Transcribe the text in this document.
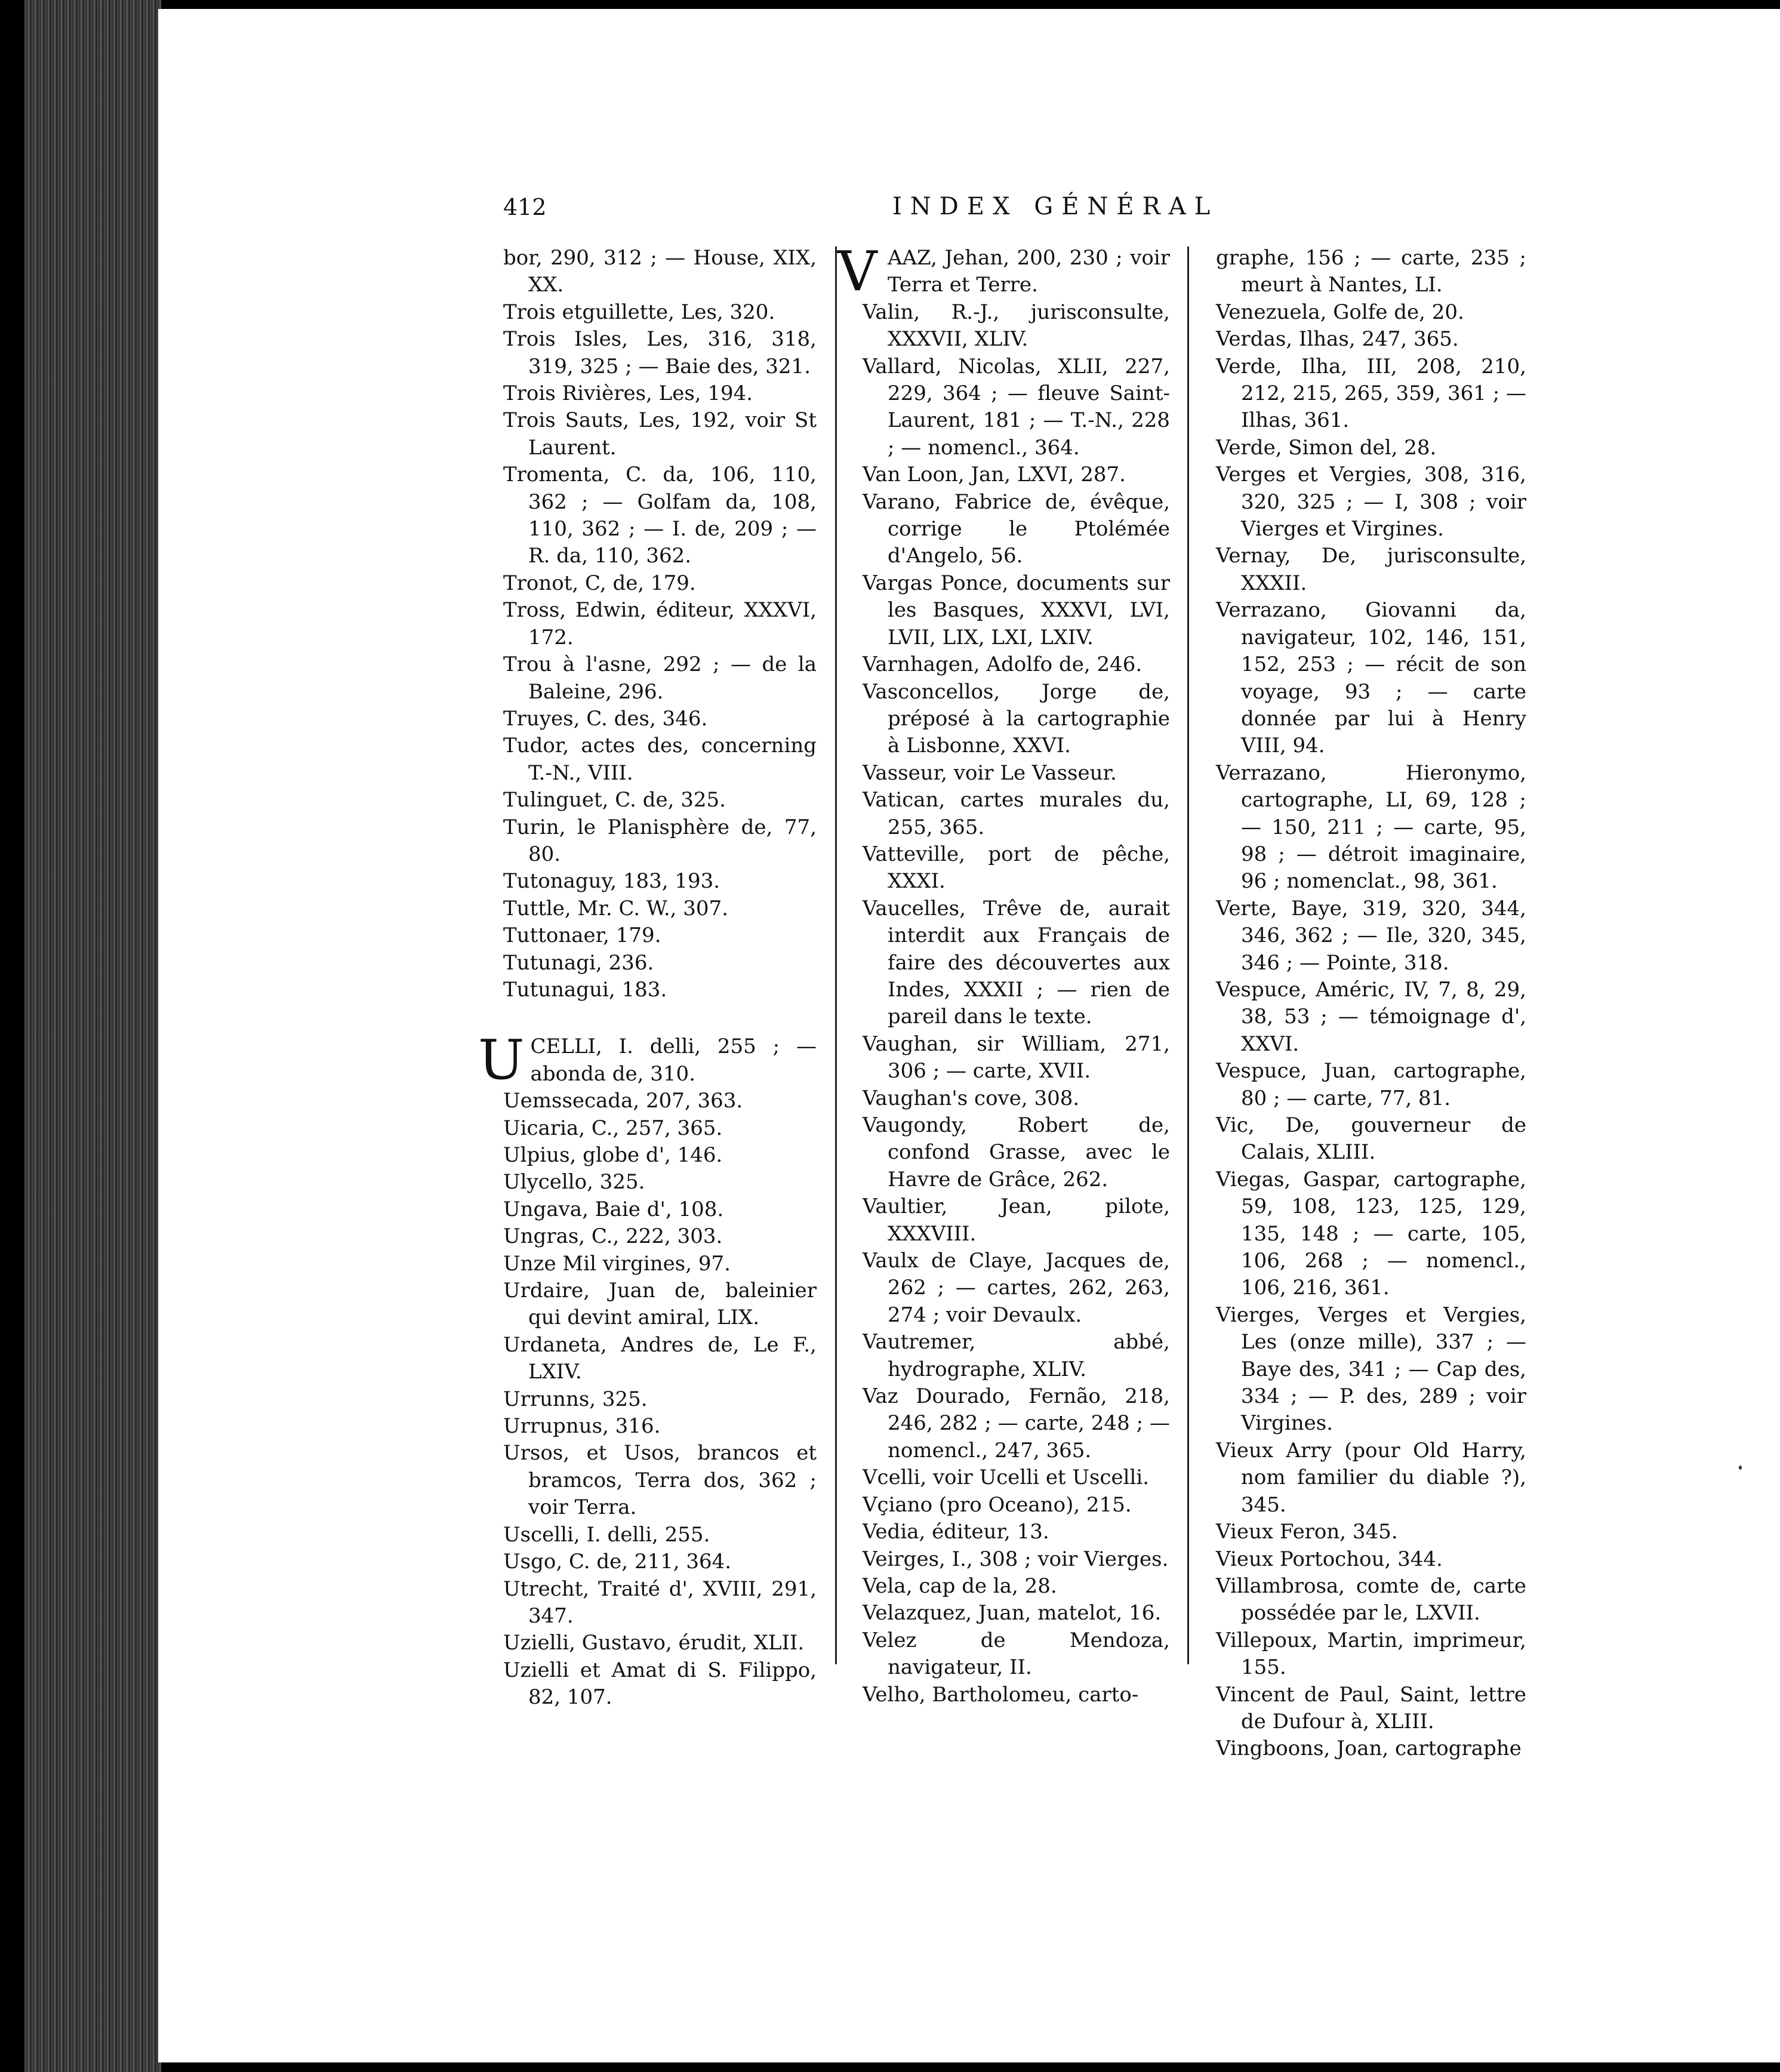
412	INDEX GÉNÉRAL
bor, 290, 312 ; — House, XIX, XX.
Trois etguillette, Les, 320.
Trois Isles, Les, 316, 318, 319, 325 ; — Baie des, 321.
Trois Rivières, Les, 194.
Trois Sauts, Les, 192, voir St Laurent.
Tromenta, C. da, 106, 110, 362 ; — Golfam da, 108, 110, 362 ; — I. de, 209 ; — R. da, 110, 362.
Tronot, C, de, 179.
Tross, Edwin, éditeur, XXXVI, 172.
Trou à l'asne, 292 ; — de la Baleine, 296.
Truyes, C. des, 346.
Tudor, actes des, concerning T.-N., VIII.
Tulinguet, C. de, 325.
Turin, le Planisphère de, 77, 80.
Tutonaguy, 183, 193.
Tuttle, Mr. C. W., 307.
Tuttonaer, 179.
Tutunagi, 236.
Tutunagui, 183.
U CELLI, I. delli, 255 ; — abonda de, 310.
Uemssecada, 207, 363.
Uicaria, C., 257, 365.
Ulpius, globe d', 146.
Ulycello, 325.
Ungava, Baie d', 108.
Ungras, C., 222, 303.
Unze Mil virgines, 97.
Urdaire, Juan de, baleinier qui devint amiral, LIX.
Urdaneta, Andres de, Le F., LXIV.
Urrunns, 325.
Urrupnus, 316.
Ursos, et Usos, brancos et bramcos, Terra dos, 362 ; voir Terra.
Uscelli, I. delli, 255.
Usgo, C. de, 211, 364.
Utrecht, Traité d', XVIII, 291, 347.
Uzielli, Gustavo, érudit, XLII.
Uzielli et Amat di S. Filippo, 82, 107.
V AAZ, Jehan, 200, 230 ; voir Terra et Terre.
Valin, R.-J., jurisconsulte, XXXVII, XLIV.
Vallard, Nicolas, XLII, 227, 229, 364 ; — fleuve Saint-Laurent, 181 ; — T.-N., 228 ; — nomencl., 364.
Van Loon, Jan, LXVI, 287.
Varano, Fabrice de, évêque, corrige le Ptolémée d'Angelo, 56.
Vargas Ponce, documents sur les Basques, XXXVI, LVI, LVII, LIX, LXI, LXIV.
Varnhagen, Adolfo de, 246.
Vasconcellos, Jorge de, préposé à la cartographie à Lisbonne, XXVI.
Vasseur, voir Le Vasseur.
Vatican, cartes murales du, 255, 365.
Vatteville, port de pêche, XXXI.
Vaucelles, Trêve de, aurait interdit aux Français de faire des découvertes aux Indes, XXXII ; — rien de pareil dans le texte.
Vaughan, sir William, 271, 306 ; — carte, XVII.
Vaughan's cove, 308.
Vaugondy, Robert de, confond Grasse, avec le Havre de Grâce, 262.
Vaultier, Jean, pilote, XXXVIII.
Vaulx de Claye, Jacques de, 262 ; — cartes, 262, 263, 274 ; voir Devaulx.
Vautremer, abbé, hydrographe, XLIV.
Vaz Dourado, Fernão, 218, 246, 282 ; — carte, 248 ; — nomencl., 247, 365.
Vcelli, voir Ucelli et Uscelli.
Vçiano (pro Oceano), 215.
Vedia, éditeur, 13.
Veirges, I., 308 ; voir Vierges.
Vela, cap de la, 28.
Velazquez, Juan, matelot, 16.
Velez de Mendoza, navigateur, II.
Velho, Bartholomeu, carto-
graphe, 156 ; — carte, 235 ; meurt à Nantes, LI.
Venezuela, Golfe de, 20.
Verdas, Ilhas, 247, 365.
Verde, Ilha, III, 208, 210, 212, 215, 265, 359, 361 ; — Ilhas, 361.
Verde, Simon del, 28.
Verges et Vergies, 308, 316, 320, 325 ; — I, 308 ; voir Vierges et Virgines.
Vernay, De, jurisconsulte, XXXII.
Verrazano, Giovanni da, navigateur, 102, 146, 151, 152, 253 ; — récit de son voyage, 93 ; — carte donnée par lui à Henry VIII, 94.
Verrazano, Hieronymo, cartographe, LI, 69, 128 ; — 150, 211 ; — carte, 95, 98 ; — détroit imaginaire, 96 ; nomenclat., 98, 361.
Verte, Baye, 319, 320, 344, 346, 362 ; — Ile, 320, 345, 346 ; — Pointe, 318.
Vespuce, Améric, IV, 7, 8, 29, 38, 53 ; — témoignage d', XXVI.
Vespuce, Juan, cartographe, 80 ; — carte, 77, 81.
Vic, De, gouverneur de Calais, XLIII.
Viegas, Gaspar, cartographe, 59, 108, 123, 125, 129, 135, 148 ; — carte, 105, 106, 268 ; — nomencl., 106, 216, 361.
Vierges, Verges et Vergies, Les (onze mille), 337 ; — Baye des, 341 ; — Cap des, 334 ; — P. des, 289 ; voir Virgines.
Vieux Arry (pour Old Harry, nom familier du diable ?), 345.
Vieux Feron, 345.
Vieux Portochou, 344.
Villambrosa, comte de, carte possédée par le, LXVII.
Villepoux, Martin, imprimeur, 155.
Vincent de Paul, Saint, lettre de Dufour à, XLIII.
Vingboons, Joan, cartographe
